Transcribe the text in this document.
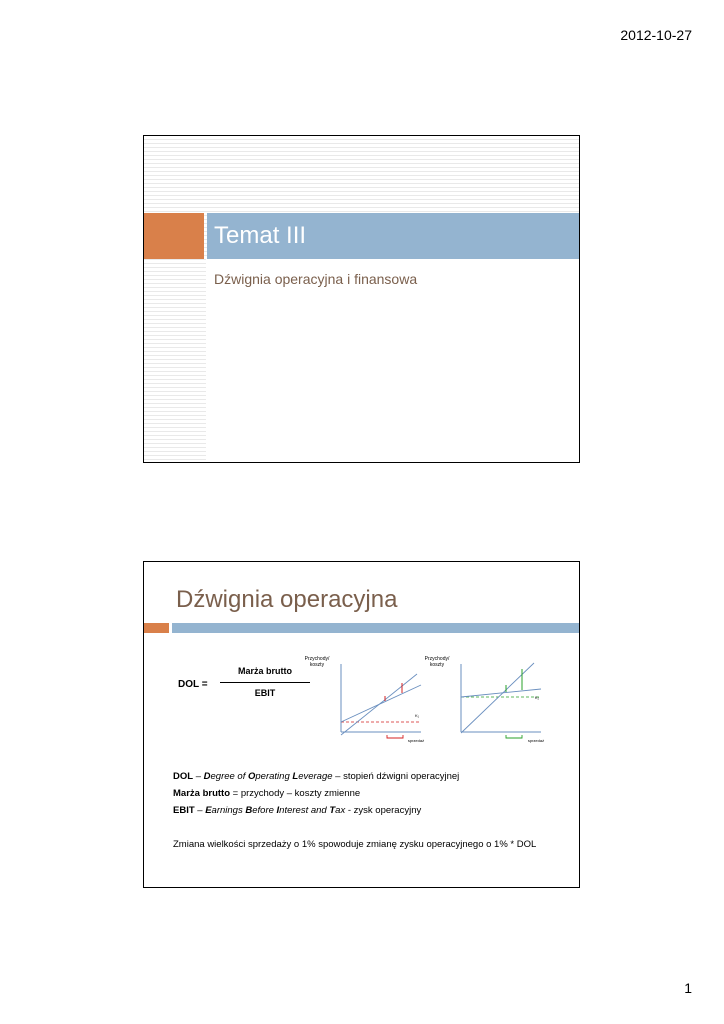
2012-10-27
Temat III
Dźwignia operacyjna i finansowa
Dźwignia operacyjna
DOL =
Marża brutto
EBIT
Przychody/
koszty
K₁
sprzedaż
Przychody/
koszty
K₂
sprzedaż
DOL – Degree of Operating Leverage – stopień dźwigni operacyjnej
Marża brutto = przychody – koszty zmienne
EBIT – Earnings Before Interest and Tax - zysk operacyjny
Zmiana wielkości sprzedaży o 1% spowoduje zmianę zysku operacyjnego o 1% * DOL
1
